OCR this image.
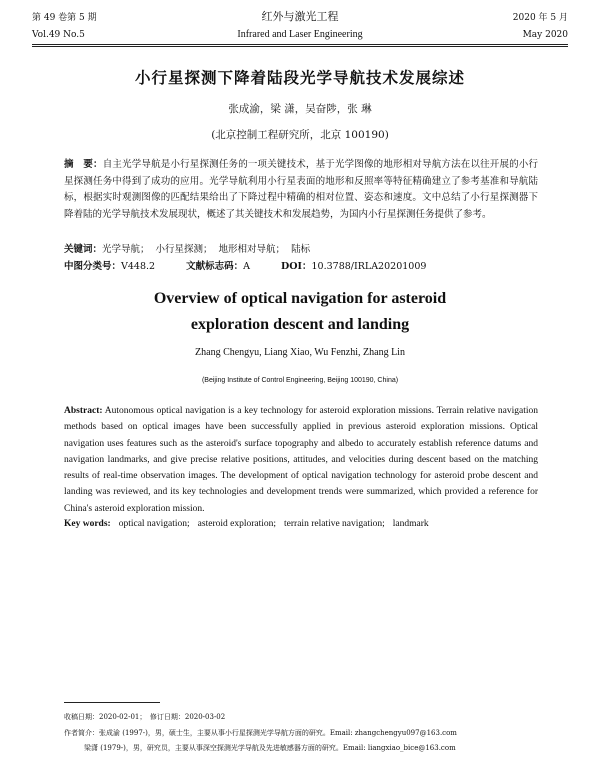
第 49 卷第 5 期	红外与激光工程	2020 年 5 月
Vol.49 No.5	Infrared and Laser Engineering	May 2020
小行星探测下降着陆段光学导航技术发展综述
张成渝，梁 潇，吴奋陟，张 琳
(北京控制工程研究所，北京 100190)
摘　要：自主光学导航是小行星探测任务的一项关键技术，基于光学图像的地形相对导航方法在以往开展的小行星探测任务中得到了成功的应用。光学导航利用小行星表面的地形和反照率等特征精确建立了参考基准和导航陆标，根据实时观测图像的匹配结果给出了下降过程中精确的相对位置、姿态和速度。文中总结了小行星探测器下降着陆的光学导航技术发展现状，概述了其关键技术和发展趋势，为国内小行星探测任务提供了参考。
关键词：光学导航； 小行星探测； 地形相对导航； 陆标
中图分类号：V448.2	文献标志码：A	DOI：10.3788/IRLA20201009
Overview of optical navigation for asteroid
exploration descent and landing
Zhang Chengyu, Liang Xiao, Wu Fenzhi, Zhang Lin
(Beijing Institute of Control Engineering, Beijing 100190, China)
Abstract: Autonomous optical navigation is a key technology for asteroid exploration missions. Terrain relative navigation methods based on optical images have been successfully applied in previous asteroid exploration missions. Optical navigation uses features such as the asteroid's surface topography and albedo to accurately establish reference datums and navigation landmarks, and give precise relative positions, attitudes, and velocities during descent based on the matching results of real-time observation images. The development of optical navigation technology for asteroid probe descent and landing was reviewed, and its key technologies and development trends were summarized, which provided a reference for China's asteroid exploration mission.
Key words: optical navigation; asteroid exploration; terrain relative navigation; landmark
收稿日期：2020-02-01；　修订日期：2020-03-02
作者简介：张成渝 (1997-)，男，硕士生，主要从事小行星探测光学导航方面的研究。Email: zhangchengyu097@163.com
梁潇 (1979-)，男，研究员，主要从事深空探测光学导航及先进敏感器方面的研究。Email: liangxiao_bice@163.com
